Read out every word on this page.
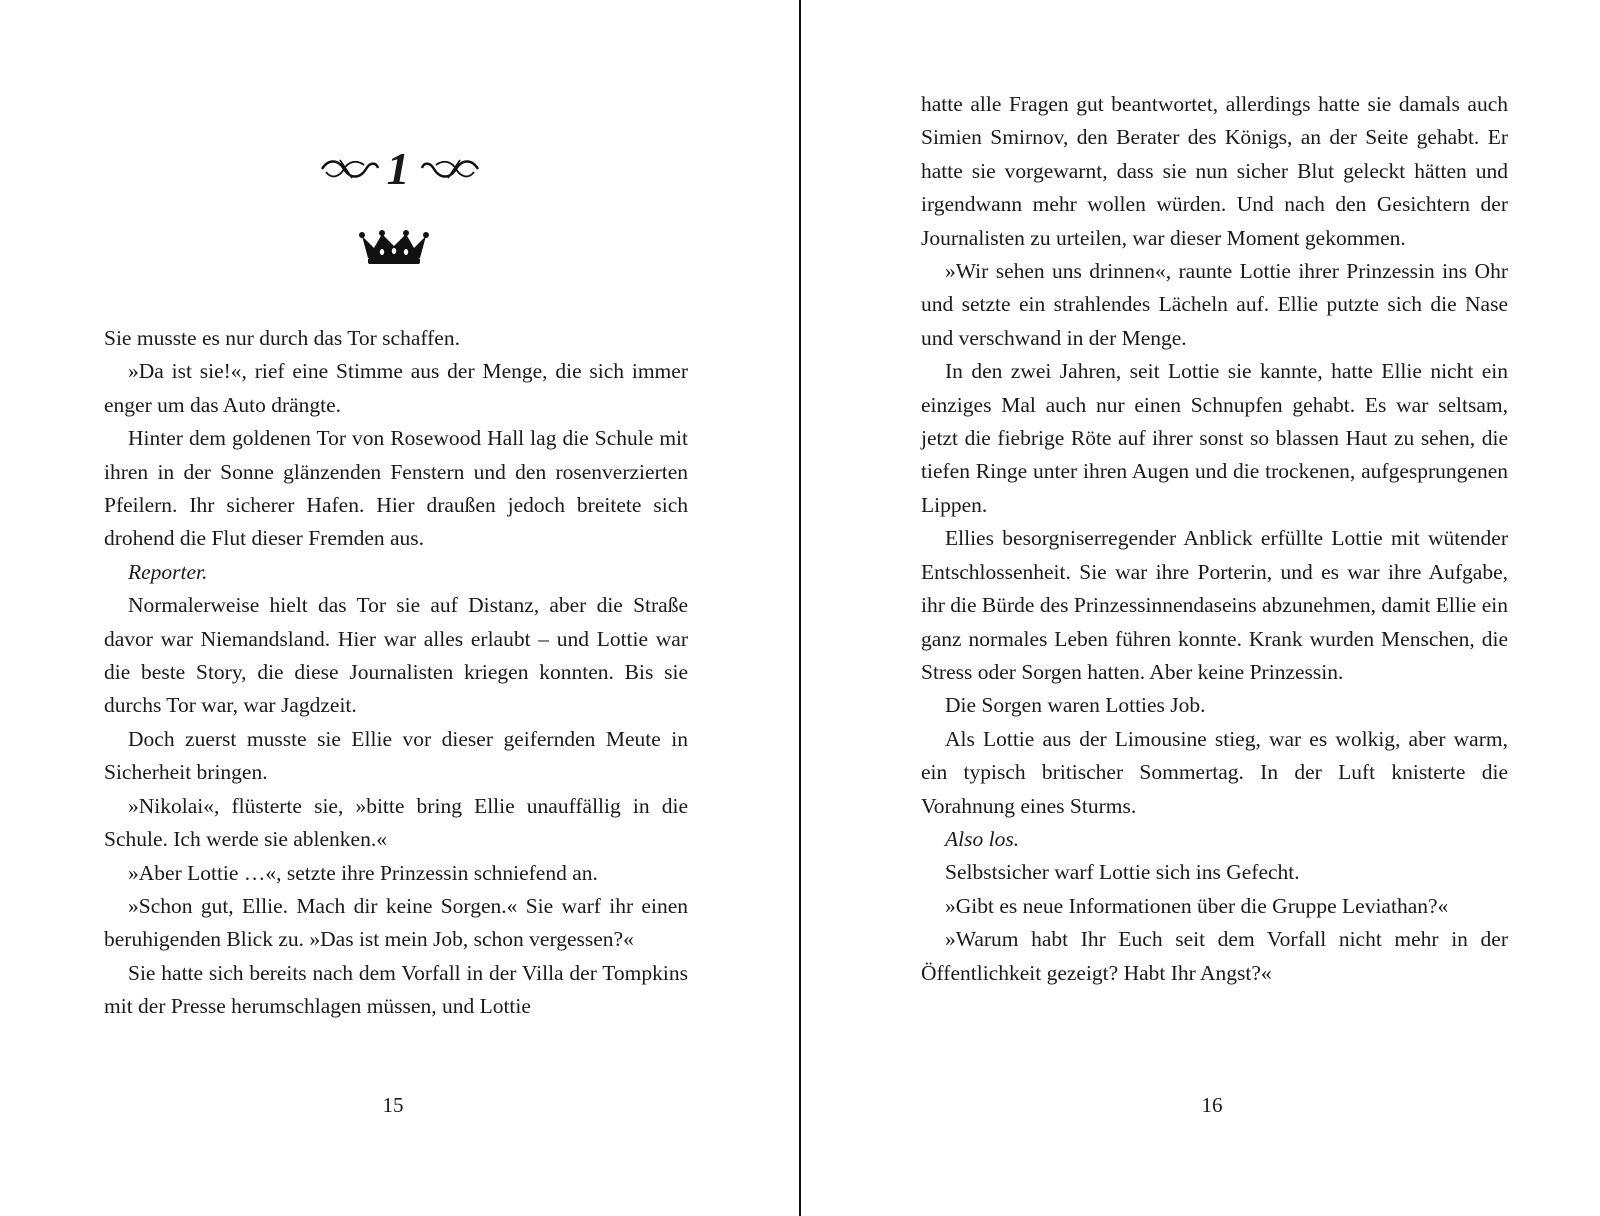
1

Sie musste es nur durch das Tor schaffen.

»Da ist sie!«, rief eine Stimme aus der Menge, die sich immer enger um das Auto drängte.

Hinter dem goldenen Tor von Rosewood Hall lag die Schule mit ihren in der Sonne glänzenden Fenstern und den rosenverzierten Pfeilern. Ihr sicherer Hafen. Hier draußen jedoch breitete sich drohend die Flut dieser Fremden aus.

Reporter.

Normalerweise hielt das Tor sie auf Distanz, aber die Straße davor war Niemandsland. Hier war alles erlaubt – und Lottie war die beste Story, die diese Journalisten kriegen konnten. Bis sie durchs Tor war, war Jagdzeit.

Doch zuerst musste sie Ellie vor dieser geifernden Meute in Sicherheit bringen.

»Nikolai«, flüsterte sie, »bitte bring Ellie unauffällig in die Schule. Ich werde sie ablenken.«

»Aber Lottie …«, setzte ihre Prinzessin schniefend an.

»Schon gut, Ellie. Mach dir keine Sorgen.« Sie warf ihr einen beruhigenden Blick zu. »Das ist mein Job, schon vergessen?«

Sie hatte sich bereits nach dem Vorfall in der Villa der Tompkins mit der Presse herumschlagen müssen, und Lottie

15

hatte alle Fragen gut beantwortet, allerdings hatte sie damals auch Simien Smirnov, den Berater des Königs, an der Seite gehabt. Er hatte sie vorgewarnt, dass sie nun sicher Blut geleckt hätten und irgendwann mehr wollen würden. Und nach den Gesichtern der Journalisten zu urteilen, war dieser Moment gekommen.

»Wir sehen uns drinnen«, raunte Lottie ihrer Prinzessin ins Ohr und setzte ein strahlendes Lächeln auf. Ellie putzte sich die Nase und verschwand in der Menge.

In den zwei Jahren, seit Lottie sie kannte, hatte Ellie nicht ein einziges Mal auch nur einen Schnupfen gehabt. Es war seltsam, jetzt die fiebrige Röte auf ihrer sonst so blassen Haut zu sehen, die tiefen Ringe unter ihren Augen und die trockenen, aufgesprungenen Lippen.

Ellies besorgniserregender Anblick erfüllte Lottie mit wütender Entschlossenheit. Sie war ihre Porterin, und es war ihre Aufgabe, ihr die Bürde des Prinzessinnendaseins abzunehmen, damit Ellie ein ganz normales Leben führen konnte. Krank wurden Menschen, die Stress oder Sorgen hatten. Aber keine Prinzessin.

Die Sorgen waren Lotties Job.

Als Lottie aus der Limousine stieg, war es wolkig, aber warm, ein typisch britischer Sommertag. In der Luft knisterte die Vorahnung eines Sturms.

Also los.

Selbstsicher warf Lottie sich ins Gefecht.

»Gibt es neue Informationen über die Gruppe Leviathan?«

»Warum habt Ihr Euch seit dem Vorfall nicht mehr in der Öffentlichkeit gezeigt? Habt Ihr Angst?«

16
